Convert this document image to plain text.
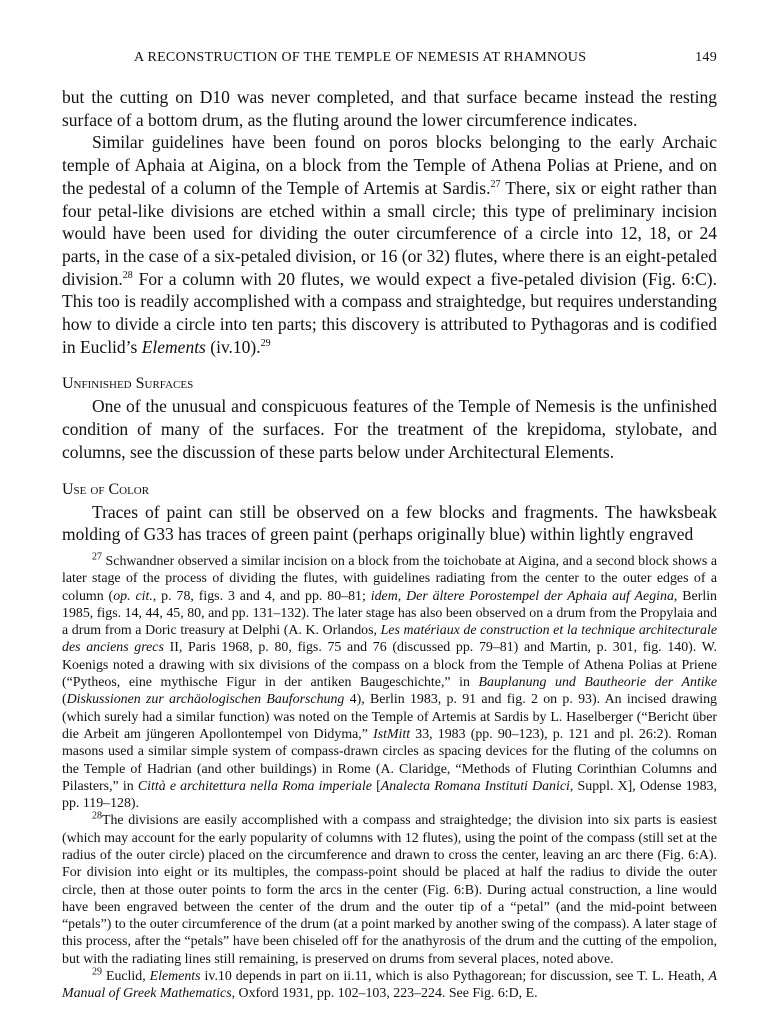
A RECONSTRUCTION OF THE TEMPLE OF NEMESIS AT RHAMNOUS	149

but the cutting on D10 was never completed, and that surface became instead the resting surface of a bottom drum, as the fluting around the lower circumference indicates.

Similar guidelines have been found on poros blocks belonging to the early Archaic temple of Aphaia at Aigina, on a block from the Temple of Athena Polias at Priene, and on the pedestal of a column of the Temple of Artemis at Sardis.$^{27}$ There, six or eight rather than four petal-like divisions are etched within a small circle; this type of preliminary incision would have been used for dividing the outer circumference of a circle into 12, 18, or 24 parts, in the case of a six-petaled division, or 16 (or 32) flutes, where there is an eight-petaled division.$^{28}$ For a column with 20 flutes, we would expect a five-petaled division (Fig. 6:C). This too is readily accomplished with a compass and straightedge, but requires understanding how to divide a circle into ten parts; this discovery is attributed to Pythagoras and is codified in Euclid’s Elements (iv.10).$^{29}$

Unfinished Surfaces

One of the unusual and conspicuous features of the Temple of Nemesis is the unfinished condition of many of the surfaces. For the treatment of the krepidoma, stylobate, and columns, see the discussion of these parts below under Architectural Elements.

Use of Color

Traces of paint can still be observed on a few blocks and fragments. The hawksbeak molding of G33 has traces of green paint (perhaps originally blue) within lightly engraved

$^{27}$ Schwandner observed a similar incision on a block from the toichobate at Aigina, and a second block shows a later stage of the process of dividing the flutes, with guidelines radiating from the center to the outer edges of a column (op. cit., p. 78, figs. 3 and 4, and pp. 80–81; idem, Der ältere Porostempel der Aphaia auf Aegina, Berlin 1985, figs. 14, 44, 45, 80, and pp. 131–132). The later stage has also been observed on a drum from the Propylaia and a drum from a Doric treasury at Delphi (A. K. Orlandos, Les matériaux de construction et la technique architecturale des anciens grecs II, Paris 1968, p. 80, figs. 75 and 76 (discussed pp. 79–81) and Martin, p. 301, fig. 140). W. Koenigs noted a drawing with six divisions of the compass on a block from the Temple of Athena Polias at Priene (“Pytheos, eine mythische Figur in der antiken Baugeschichte,” in Bauplanung und Bautheorie der Antike (Diskussionen zur archäologischen Bauforschung 4), Berlin 1983, p. 91 and fig. 2 on p. 93). An incised drawing (which surely had a similar function) was noted on the Temple of Artemis at Sardis by L. Haselberger (“Bericht über die Arbeit am jüngeren Apollontempel von Didyma,” IstMitt 33, 1983 (pp. 90–123), p. 121 and pl. 26:2). Roman masons used a similar simple system of compass-drawn circles as spacing devices for the fluting of the columns on the Temple of Hadrian (and other buildings) in Rome (A. Claridge, “Methods of Fluting Corinthian Columns and Pilasters,” in Città e architettura nella Roma imperiale [Analecta Romana Instituti Danici, Suppl. X], Odense 1983, pp. 119–128).

$^{28}$The divisions are easily accomplished with a compass and straightedge; the division into six parts is easiest (which may account for the early popularity of columns with 12 flutes), using the point of the compass (still set at the radius of the outer circle) placed on the circumference and drawn to cross the center, leaving an arc there (Fig. 6:A). For division into eight or its multiples, the compass-point should be placed at half the radius to divide the outer circle, then at those outer points to form the arcs in the center (Fig. 6:B). During actual construction, a line would have been engraved between the center of the drum and the outer tip of a “petal” (and the mid-point between “petals”) to the outer circumference of the drum (at a point marked by another swing of the compass). A later stage of this process, after the “petals” have been chiseled off for the anathyrosis of the drum and the cutting of the empolion, but with the radiating lines still remaining, is preserved on drums from several places, noted above.

$^{29}$ Euclid, Elements iv.10 depends in part on ii.11, which is also Pythagorean; for discussion, see T. L. Heath, A Manual of Greek Mathematics, Oxford 1931, pp. 102–103, 223–224. See Fig. 6:D, E.
